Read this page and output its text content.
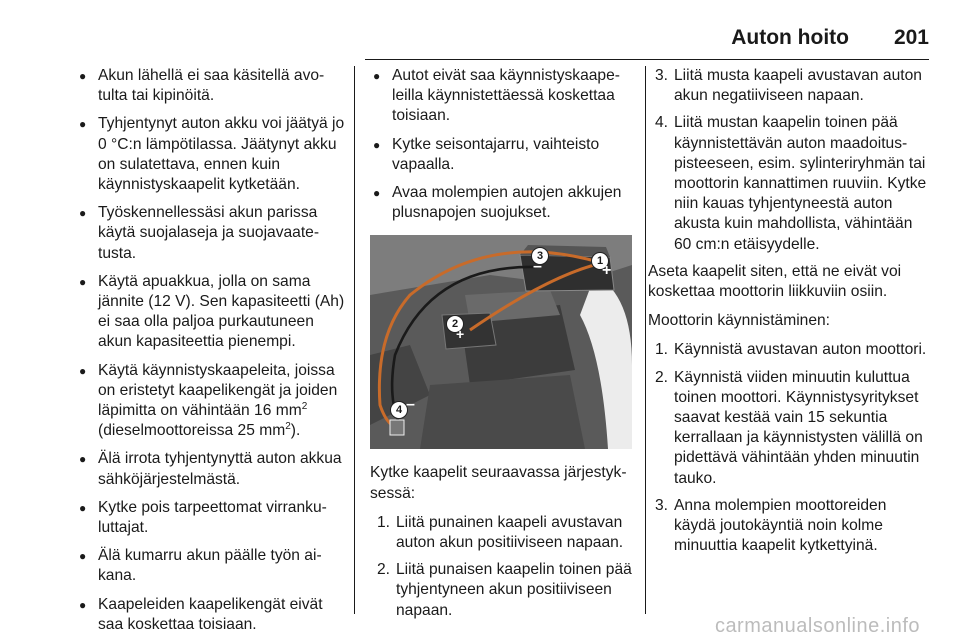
Auton hoito 201
● Akun lähellä ei saa käsitellä avotulta tai kipinöitä.
● Tyhjentynyt auton akku voi jäätyä jo 0 °C:n lämpötilassa. Jäätynyt akku on sulatettava, ennen kuin käynnistyskaapelit kytketään.
● Työskennellessäsi akun parissa käytä suojalaseja ja suojavaatetusta.
● Käytä apuakkua, jolla on sama jännite (12 V). Sen kapasiteetti (Ah) ei saa olla paljoa purkautuneen akun kapasiteettia pienempi.
● Käytä käynnistyskaapeleita, joissa on eristetyt kaapelikengät ja joiden läpimitta on vähintään 16 $mm^2$ (dieselmoottoreissa 25 $mm^2$).
● Älä irrota tyhjentynyttä auton akkua sähköjärjestelmästä.
● Kytke pois tarpeettomat virrankuluttajat.
● Älä kumarru akun päälle työn aikana.
● Kaapeleiden kaapelikengät eivät saa koskettaa toisiaan.
● Autot eivät saa käynnistyskaapeleilla käynnistettäessä koskettaa toisiaan.
● Kytke seisontajarru, vaihteisto vapaalla.
● Avaa molempien autojen akkujen plusnapojen suojukset.
1
2
3
4
+
+
–
–

Kytke kaapelit seuraavassa järjestyksessä:

1. Liitä punainen kaapeli avustavan auton akun positiiviseen napaan.
2. Liitä punaisen kaapelin toinen pää tyhjentyneen akun positiiviseen napaan.
3. Liitä musta kaapeli avustavan auton akun negatiiviseen napaan.
4. Liitä mustan kaapelin toinen pää käynnistettävän auton maadoituspisteeseen, esim. sylinteriryhmän tai moottorin kannattimen ruuviin. Kytke niin kauas tyhjentyneestä auton akusta kuin mahdollista, vähintään 60 cm:n etäisyydelle.

Aseta kaapelit siten, että ne eivät voi koskettaa moottorin liikkuviin osiin.

Moottorin käynnistäminen:

1. Käynnistä avustavan auton moottori.
2. Käynnistä viiden minuutin kuluttua toinen moottori. Käynnistysyritykset saavat kestää vain 15 sekuntia kerrallaan ja käynnistysten välillä on pidettävä vähintään yhden minuutin tauko.
3. Anna molempien moottoreiden käydä joutokäyntiä noin kolme minuuttia kaapelit kytkettyinä.
carmanualsonline.info
